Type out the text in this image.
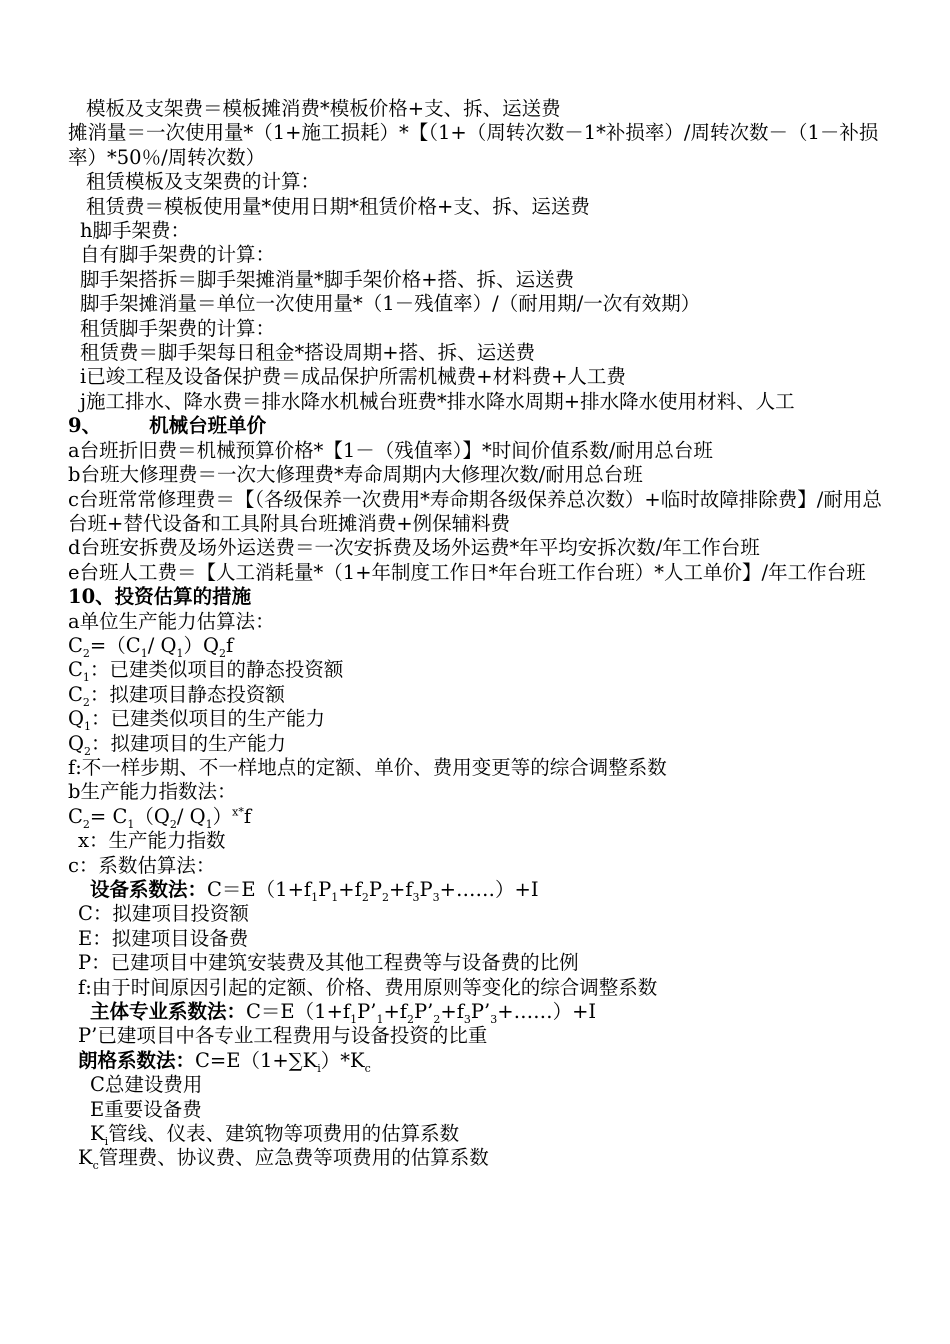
模板及支架费＝模板摊消费*模板价格+支、拆、运送费
摊消量＝一次使用量*（1+施工损耗）*【（1+（周转次数－1*补损率）/周转次数－（1－补损率）*50％/周转次数）
租赁模板及支架费的计算：
租赁费＝模板使用量*使用日期*租赁价格+支、拆、运送费
h脚手架费：
自有脚手架费的计算：
脚手架搭拆＝脚手架摊消量*脚手架价格+搭、拆、运送费
脚手架摊消量＝单位一次使用量*（1－残值率）/（耐用期/一次有效期）
租赁脚手架费的计算：
租赁费＝脚手架每日租金*搭设周期+搭、拆、运送费
i已竣工程及设备保护费＝成品保护所需机械费+材料费+人工费
j施工排水、降水费＝排水降水机械台班费*排水降水周期+排水降水使用材料、人工
9、 机械台班单价
a台班折旧费＝机械预算价格*【1－（残值率）】*时间价值系数/耐用总台班
b台班大修理费＝一次大修理费*寿命周期内大修理次数/耐用总台班
c台班常常修理费＝【（各级保养一次费用*寿命期各级保养总次数）+临时故障排除费】/耐用总台班+替代设备和工具附具台班摊消费+例保辅料费
d台班安拆费及场外运送费＝一次安拆费及场外运费*年平均安拆次数/年工作台班
e台班人工费＝【人工消耗量*（1+年制度工作日*年台班工作台班）*人工单价】/年工作台班
10、投资估算的措施
a单位生产能力估算法：
$C_2=(C_1/$ $Q_1)Q_2f$
$C_1$：已建类似项目的静态投资额
$C_2$：拟建项目静态投资额
$Q_1$：已建类似项目的生产能力
$Q_2$：拟建项目的生产能力
f:不一样步期、不一样地点的定额、单价、费用变更等的综合调整系数
b生产能力指数法：
$C_2= C_1(Q_2/$ $Q_1)^{x*}f$
x：生产能力指数
c：系数估算法：
设备系数法：$C=E(1+f_1P_1+f_2P_2+f_3P_3+\dots\dots)+I$
C：拟建项目投资额
E：拟建项目设备费
P：已建项目中建筑安装费及其他工程费等与设备费的比例
f:由于时间原因引起的定额、价格、费用原则等变化的综合调整系数
主体专业系数法：$C=E(1+f_1P’_1+f_2P’_2+f_3P’_3+\dots\dots)+I$
P’已建项目中各专业工程费用与设备投资的比重
朗格系数法：$C=E(1+\sum K_i)*K_c$
C总建设费用
E重要设备费
$K_i$管线、仪表、建筑物等项费用的估算系数
$K_c$管理费、协议费、应急费等项费用的估算系数
